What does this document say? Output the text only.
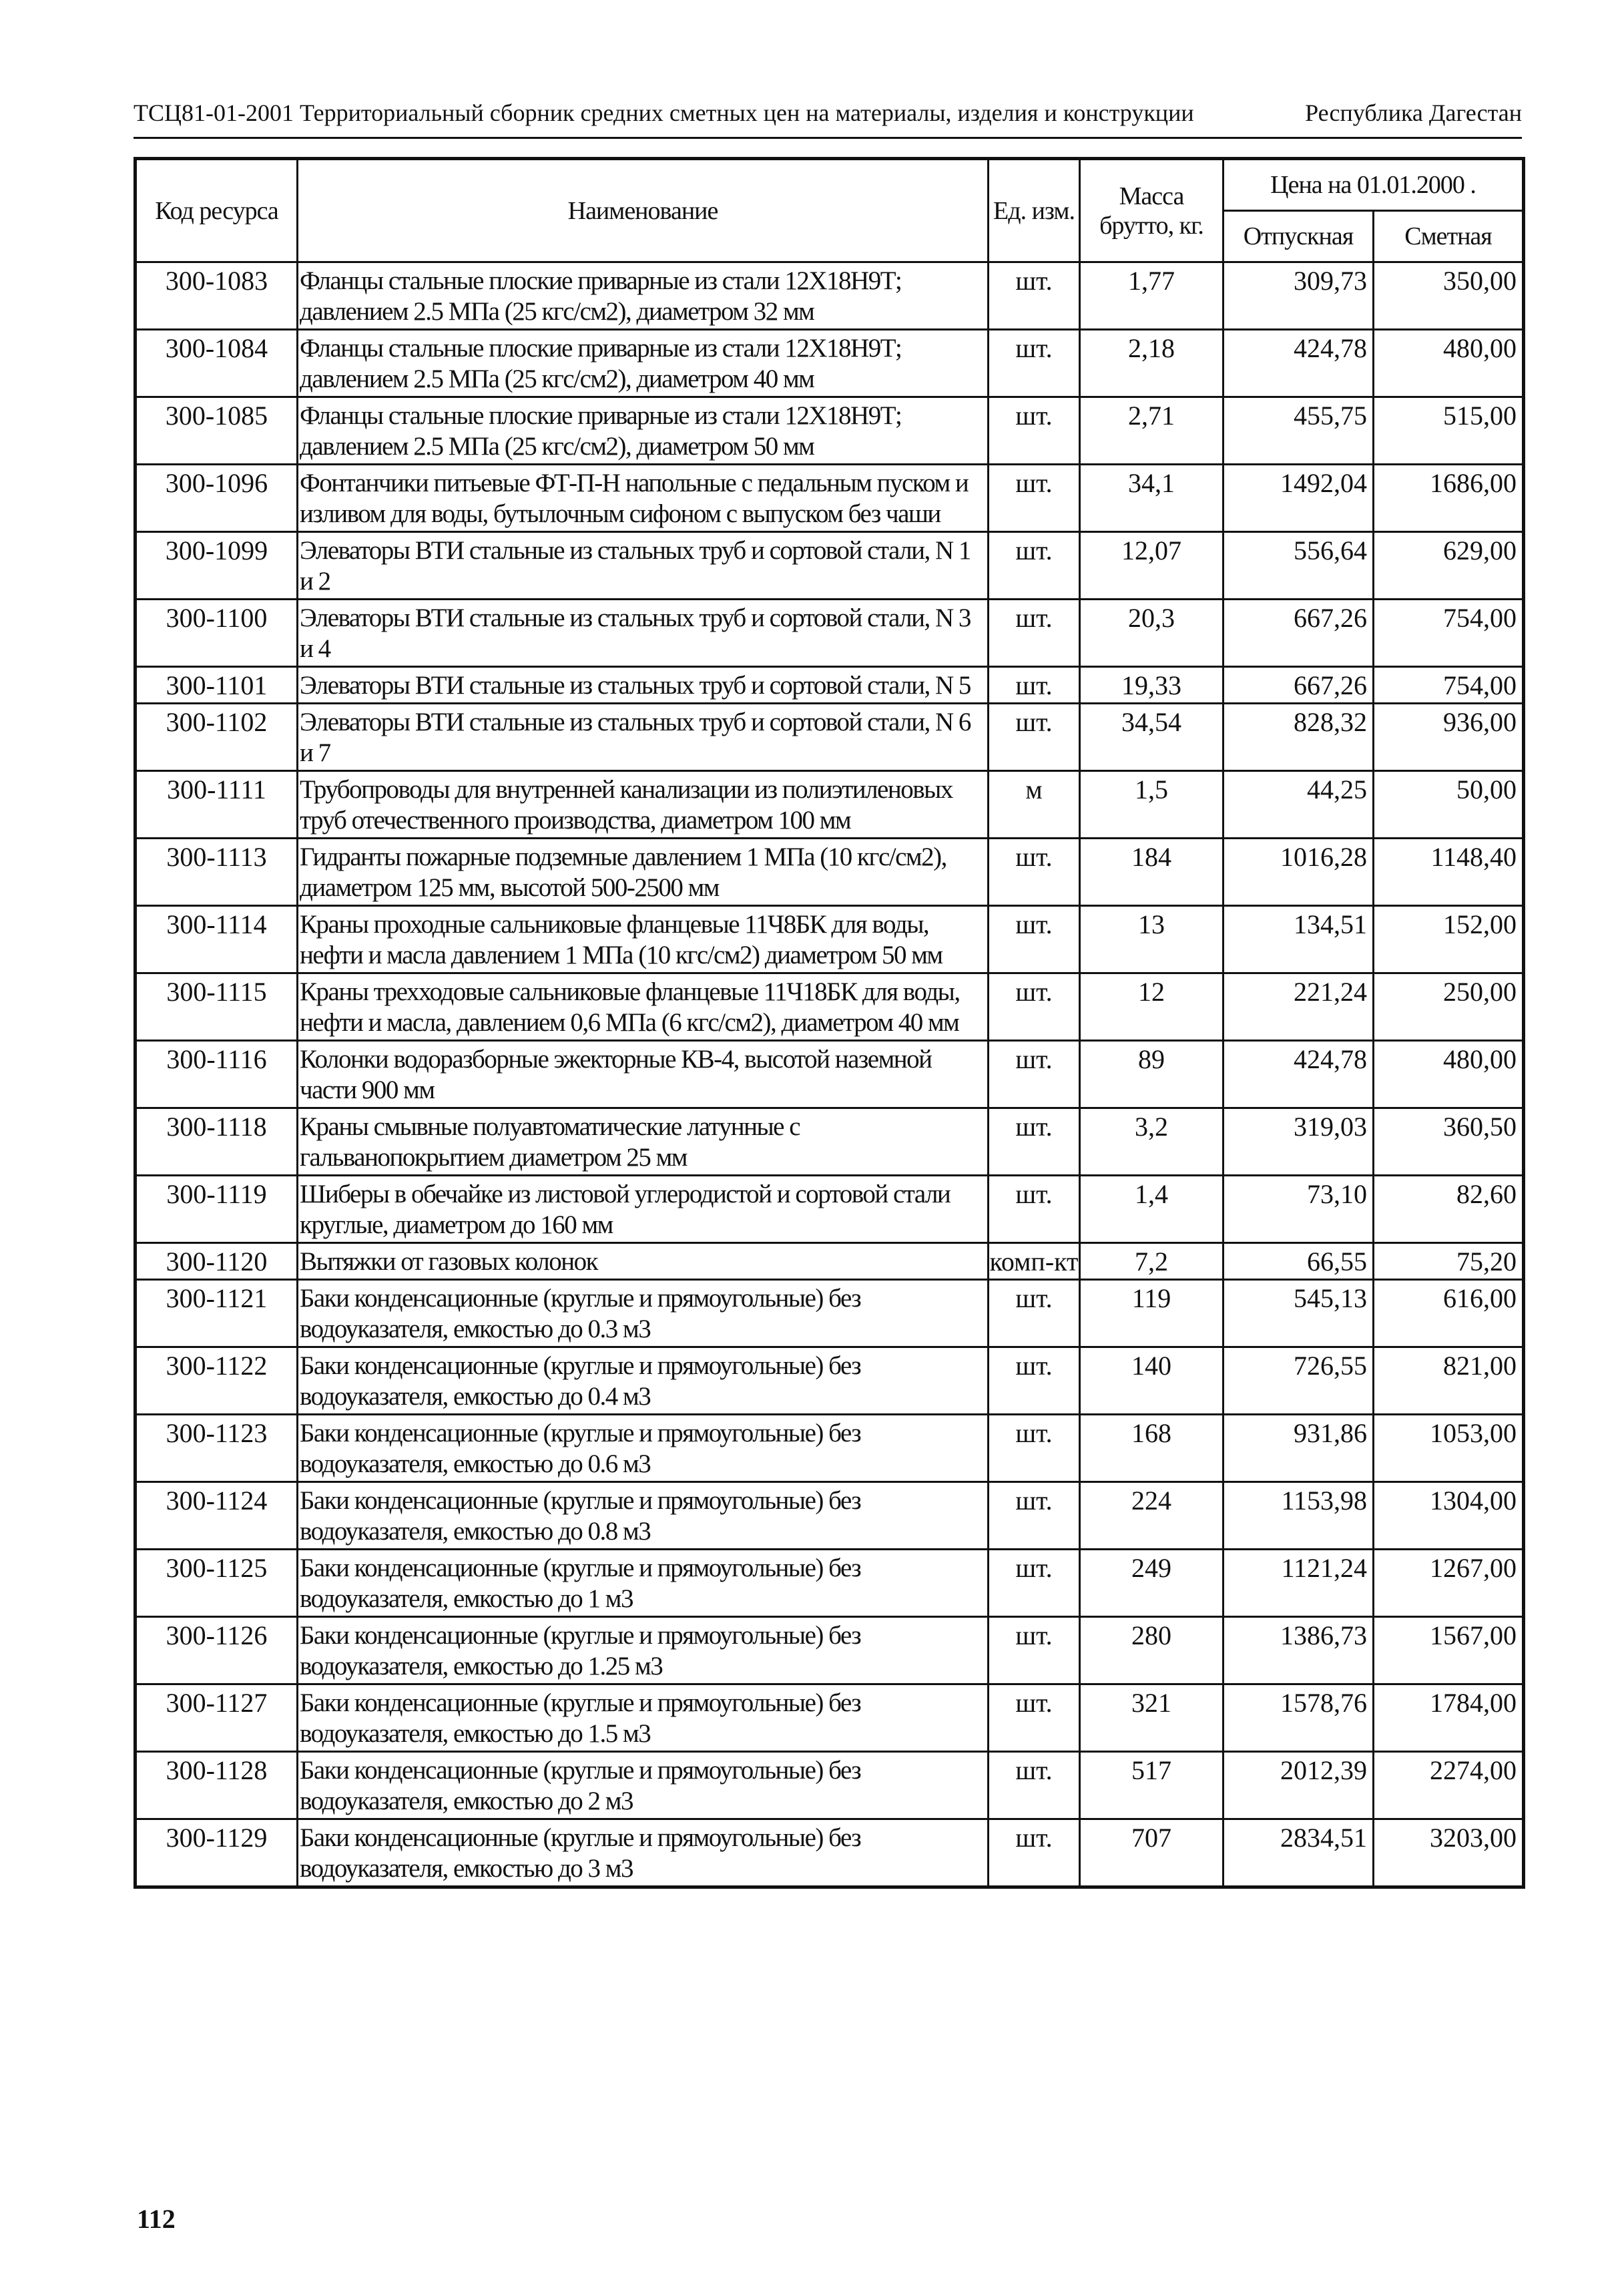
ТСЦ81-01-2001 Территориальный сборник средних сметных цен на материалы, изделия и конструкции	Республика Дагестан
Код ресурса	Наименование	Ед. изм.	Масса брутто, кг.	Цена на 01.01.2000 .	
				Отпускная	Сметная
300-1083	Фланцы стальные плоские приварные из стали 12Х18Н9Т; давлением 2.5 МПа (25 кгс/см2), диаметром 32 мм	шт.	1,77	309,73	350,00
300-1084	Фланцы стальные плоские приварные из стали 12Х18Н9Т; давлением 2.5 МПа (25 кгс/см2), диаметром 40 мм	шт.	2,18	424,78	480,00
300-1085	Фланцы стальные плоские приварные из стали 12Х18Н9Т; давлением 2.5 МПа (25 кгс/см2), диаметром 50 мм	шт.	2,71	455,75	515,00
300-1096	Фонтанчики питьевые ФТ-П-Н напольные с педальным пуском и изливом для воды, бутылочным сифоном с выпуском без чаши	шт.	34,1	1492,04	1686,00
300-1099	Элеваторы ВТИ стальные из стальных труб и сортовой стали, N 1 и 2	шт.	12,07	556,64	629,00
300-1100	Элеваторы ВТИ стальные из стальных труб и сортовой стали, N 3 и 4	шт.	20,3	667,26	754,00
300-1101	Элеваторы ВТИ стальные из стальных труб и сортовой стали, N 5	шт.	19,33	667,26	754,00
300-1102	Элеваторы ВТИ стальные из стальных труб и сортовой стали, N 6 и 7	шт.	34,54	828,32	936,00
300-1111	Трубопроводы для внутренней канализации из полиэтиленовых труб отечественного производства, диаметром 100 мм	м	1,5	44,25	50,00
300-1113	Гидранты пожарные подземные давлением 1 МПа (10 кгс/см2), диаметром 125 мм, высотой 500-2500 мм	шт.	184	1016,28	1148,40
300-1114	Краны проходные сальниковые фланцевые 11Ч8БК для воды, нефти и масла давлением 1 МПа (10 кгс/см2) диаметром 50 мм	шт.	13	134,51	152,00
300-1115	Краны трехходовые сальниковые фланцевые 11Ч18БК для воды, нефти и масла, давлением 0,6 МПа (6 кгс/см2), диаметром 40 мм	шт.	12	221,24	250,00
300-1116	Колонки водоразборные эжекторные КВ-4, высотой наземной части 900 мм	шт.	89	424,78	480,00
300-1118	Краны смывные полуавтоматические латунные с гальванопокрытием диаметром 25 мм	шт.	3,2	319,03	360,50
300-1119	Шиберы в обечайке из листовой углеродистой и сортовой стали круглые, диаметром до 160 мм	шт.	1,4	73,10	82,60
300-1120	Вытяжки от газовых колонок	комп-кт	7,2	66,55	75,20
300-1121	Баки конденсационные (круглые и прямоугольные) без водоуказателя, емкостью до 0.3 м3	шт.	119	545,13	616,00
300-1122	Баки конденсационные (круглые и прямоугольные) без водоуказателя, емкостью до 0.4 м3	шт.	140	726,55	821,00
300-1123	Баки конденсационные (круглые и прямоугольные) без водоуказателя, емкостью до 0.6 м3	шт.	168	931,86	1053,00
300-1124	Баки конденсационные (круглые и прямоугольные) без водоуказателя, емкостью до 0.8 м3	шт.	224	1153,98	1304,00
300-1125	Баки конденсационные (круглые и прямоугольные) без водоуказателя, емкостью до 1 м3	шт.	249	1121,24	1267,00
300-1126	Баки конденсационные (круглые и прямоугольные) без водоуказателя, емкостью до 1.25 м3	шт.	280	1386,73	1567,00
300-1127	Баки конденсационные (круглые и прямоугольные) без водоуказателя, емкостью до 1.5 м3	шт.	321	1578,76	1784,00
300-1128	Баки конденсационные (круглые и прямоугольные) без водоуказателя, емкостью до 2 м3	шт.	517	2012,39	2274,00
300-1129	Баки конденсационные (круглые и прямоугольные) без водоуказателя, емкостью до 3 м3	шт.	707	2834,51	3203,00
112
